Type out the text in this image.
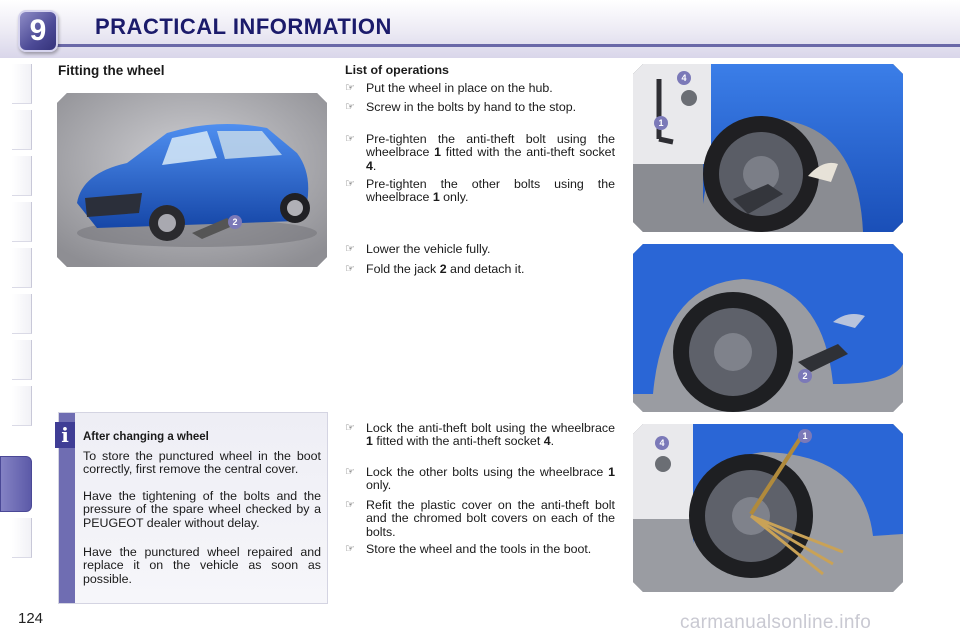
9	PRACTICAL INFORMATION
Fitting the wheel
2
i	After changing a wheel
To store the punctured wheel in the boot correctly, first remove the central cover.
Have the tightening of the bolts and the pressure of the spare wheel checked by a PEUGEOT dealer without delay.
Have the punctured wheel repaired and replace it on the vehicle as soon as possible.
List of operations
☞ Put the wheel in place on the hub.
☞ Screw in the bolts by hand to the stop.
☞ Pre-tighten the anti-theft bolt using the wheelbrace 1 fitted with the anti-theft socket 4.
☞ Pre-tighten the other bolts using the wheelbrace 1 only.
☞ Lower the vehicle fully.
☞ Fold the jack 2 and detach it.
☞ Lock the anti-theft bolt using the wheelbrace 1 fitted with the anti-theft socket 4.
☞ Lock the other bolts using the wheelbrace 1 only.
☞ Refit the plastic cover on the anti-theft bolt and the chromed bolt covers on each of the bolts.
☞ Store the wheel and the tools in the boot.
4
1
2
4
1
124	carmanualsonline.info
